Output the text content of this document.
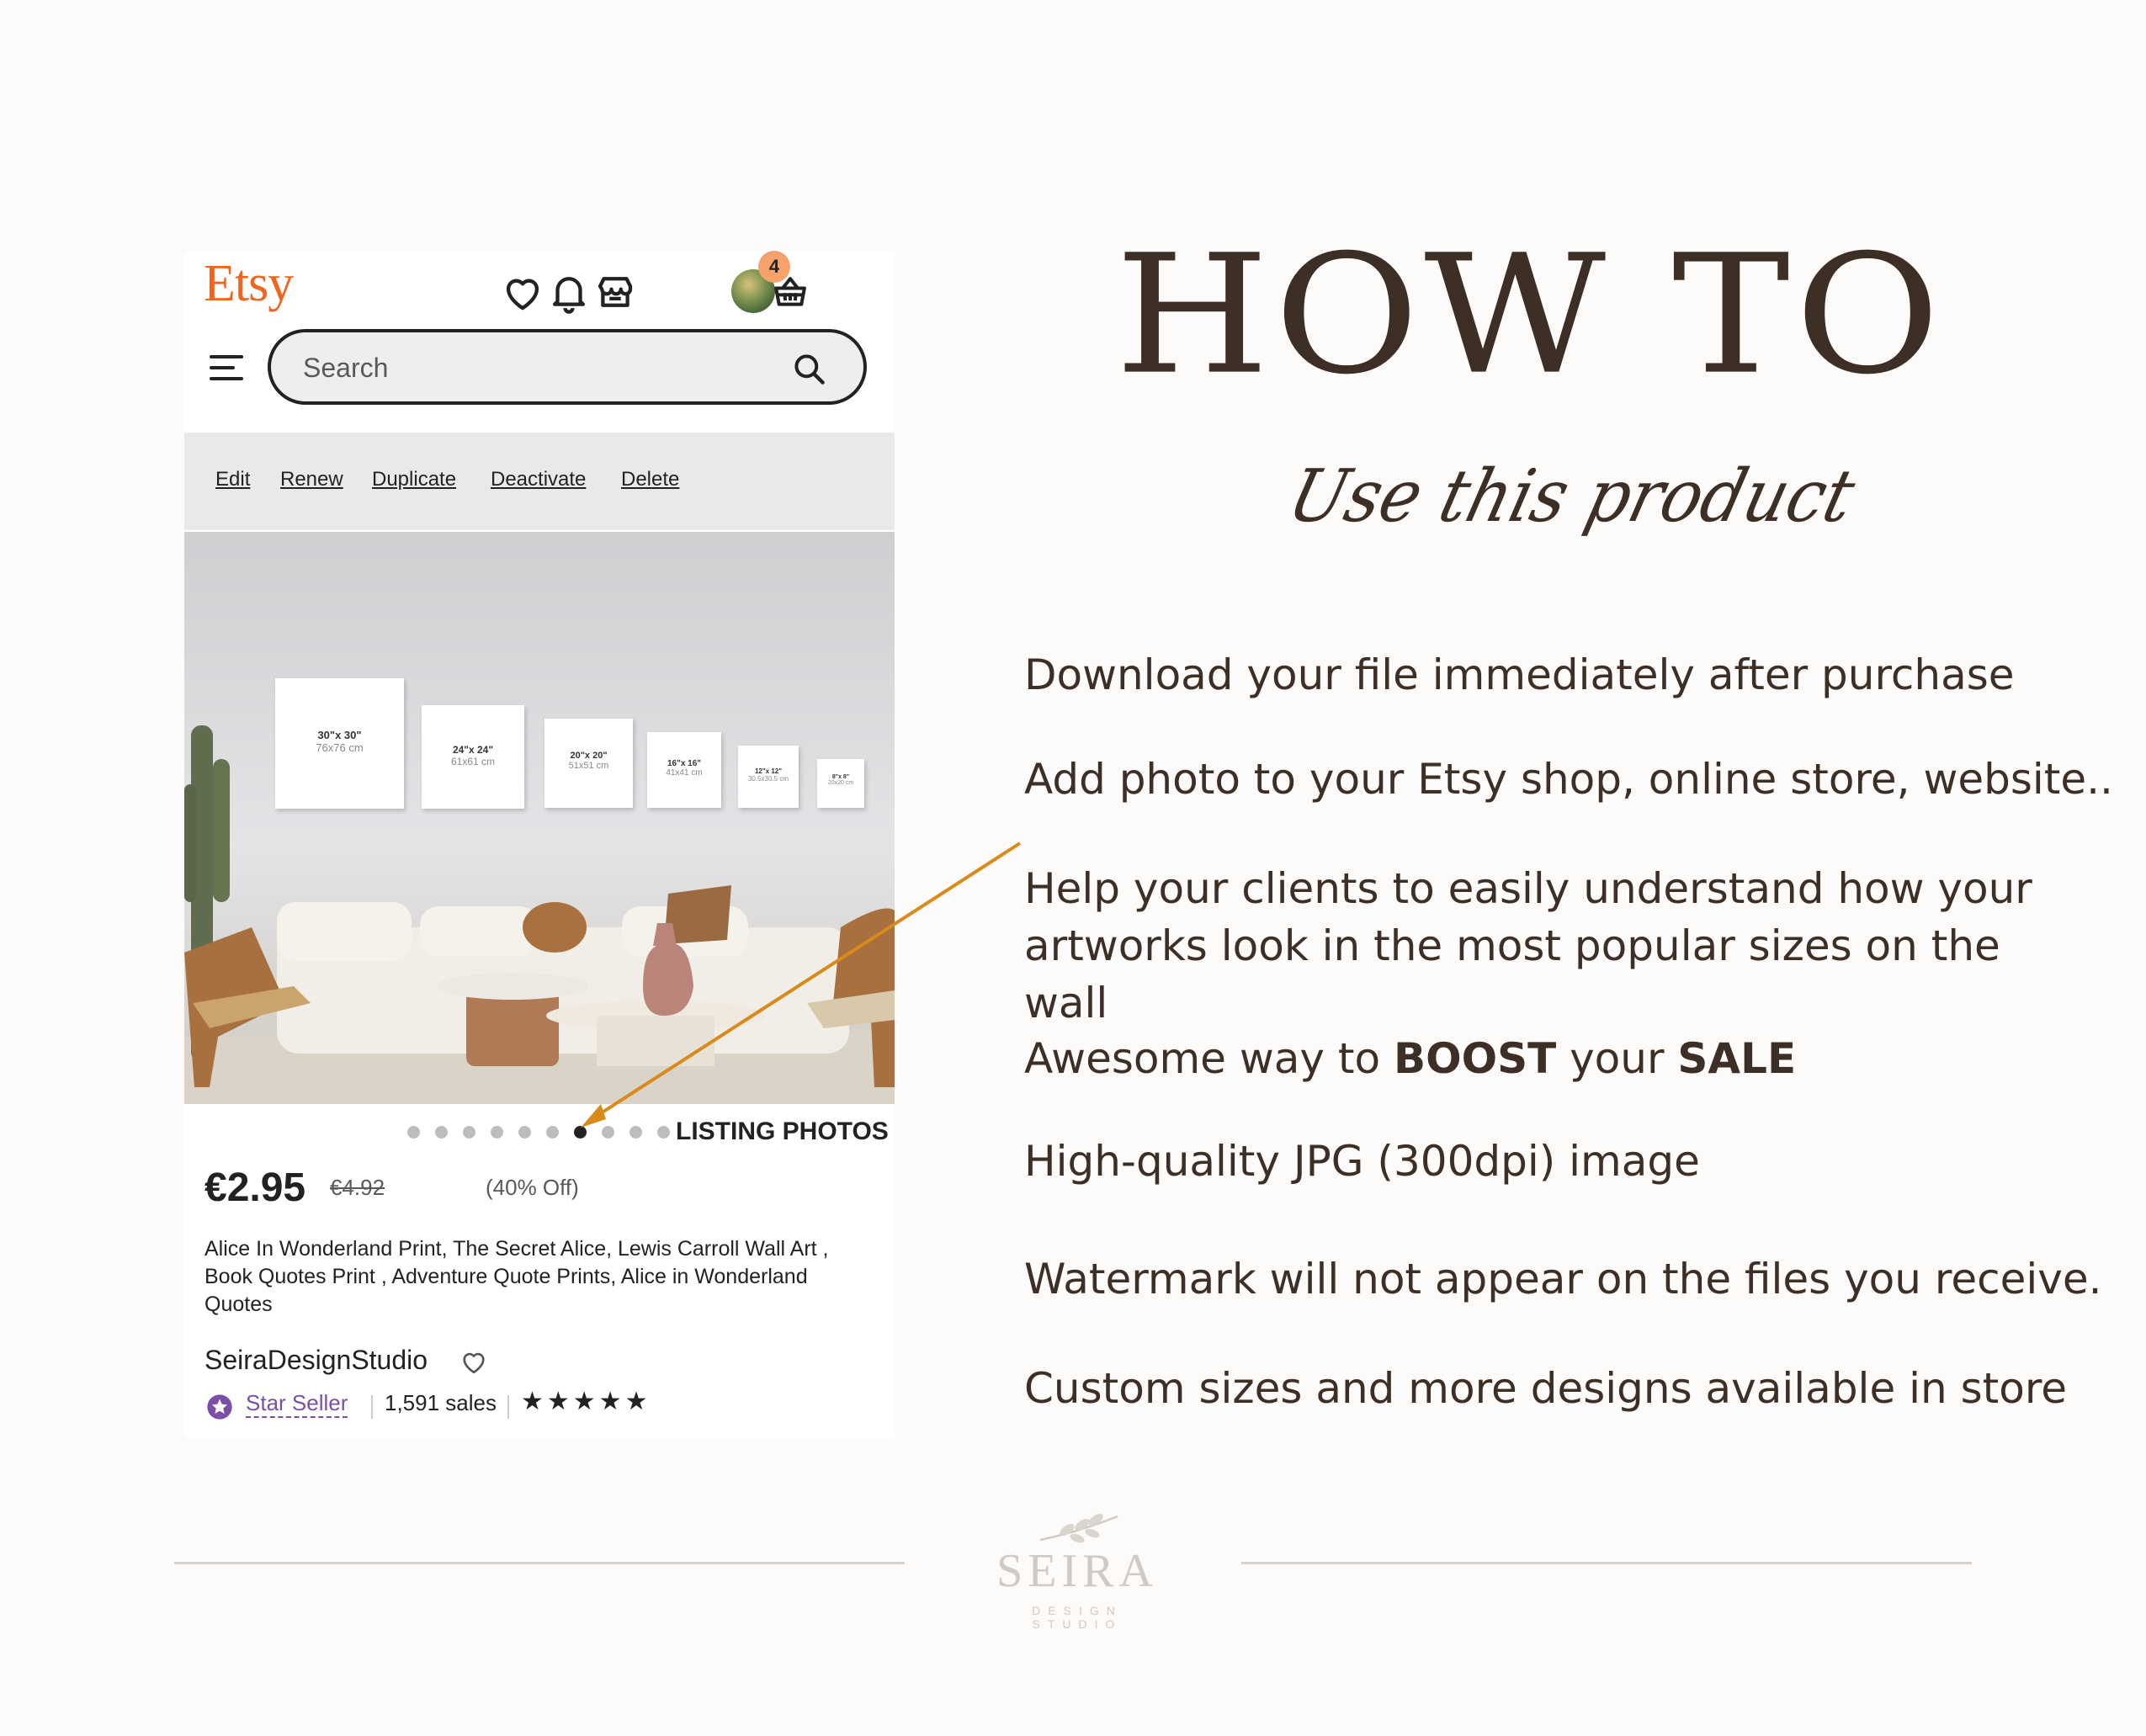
Etsy	4
Search
Edit Renew Duplicate Deactivate Delete
30"x 30"
76x76 cm	24"x 24"
61x61 cm	20"x 20"
51x51 cm	16"x 16"
41x41 cm	12"x 12"
30.5x30.5 cm	8"x 8"
20x20 cm
LISTING PHOTOS
€2.95 €4.92	(40% Off)
Alice In Wonderland Print, The Secret Alice, Lewis Carroll Wall Art , Book Quotes Print , Adventure Quote Prints, Alice in Wonderland Quotes
SeiraDesignStudio
Star Seller 1,591 sales ★★★★★
HOW TO
Use this product
Download your file immediately after purchase
Add photo to your Etsy shop, online store, website..
Help your clients to easily understand how your artworks look in the most popular sizes on the wall
Awesome way to BOOST your SALE
High-quality JPG (300dpi) image
Watermark will not appear on the files you receive.
Custom sizes and more designs available in store
SEIRA
DESIGN STUDIO
